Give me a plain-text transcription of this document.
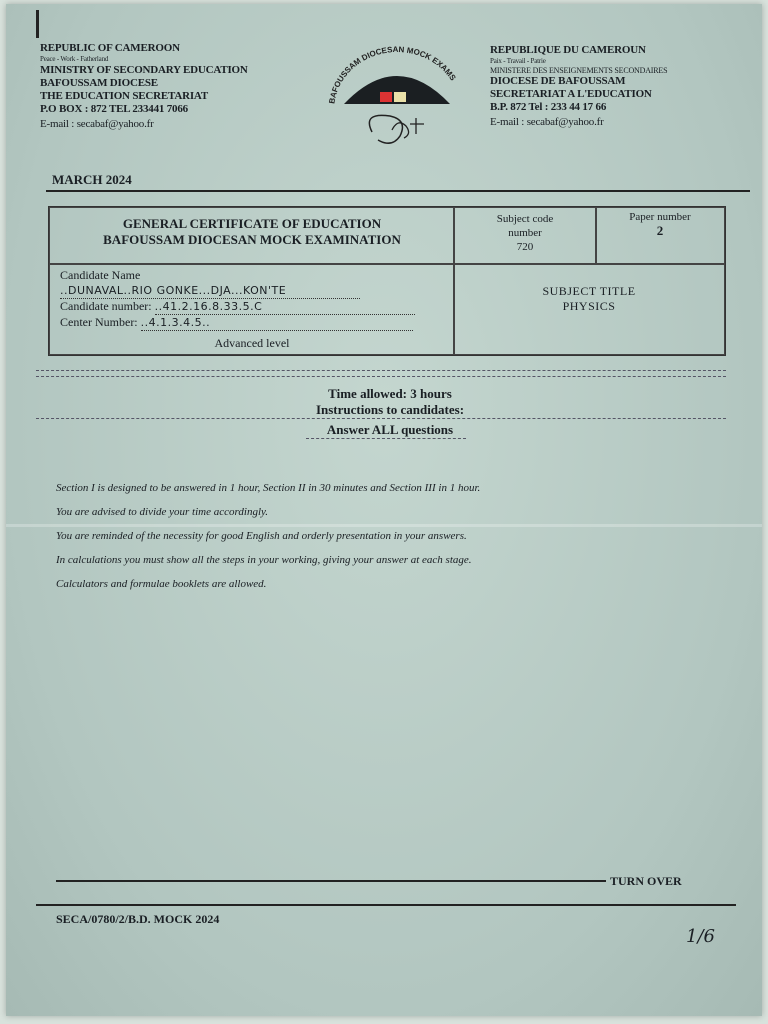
REPUBLIC OF CAMEROON
Peace - Work - Fatherland
MINISTRY OF SECONDARY EDUCATION
BAFOUSSAM DIOCESE
THE EDUCATION SECRETARIAT
P.O BOX : 872 TEL 233441 7066
E-mail : secabaf@yahoo.fr
BAFOUSSAM DIOCESAN MOCK EXAMS
REPUBLIQUE DU CAMEROUN
Paix - Travail - Patrie
MINISTERE DES ENSEIGNEMENTS SECONDAIRES
DIOCESE DE BAFOUSSAM
SECRETARIAT A L'EDUCATION
B.P. 872 Tel : 233 44 17 66
E-mail : secabaf@yahoo.fr
MARCH 2024
GENERAL CERTIFICATE OF EDUCATION
BAFOUSSAM DIOCESAN MOCK EXAMINATION
Subject code
number
720
Paper number
2
Candidate Name
..DUNAVAL..RIO GONKE...DJA...KON'TE
Candidate number: ..41.2.16.8.33.5.C
Center Number: ..4.1.3.4.5..
Advanced level
SUBJECT TITLE
PHYSICS
Time allowed: 3 hours
Instructions to candidates:
Answer ALL questions
Section I is designed to be answered in 1 hour, Section II in 30 minutes and Section III in 1 hour.
You are advised to divide your time accordingly.
You are reminded of the necessity for good English and orderly presentation in your answers.
In calculations you must show all the steps in your working, giving your answer at each stage.
Calculators and formulae booklets are allowed.
TURN OVER
SECA/0780/2/B.D. MOCK 2024
1/6
